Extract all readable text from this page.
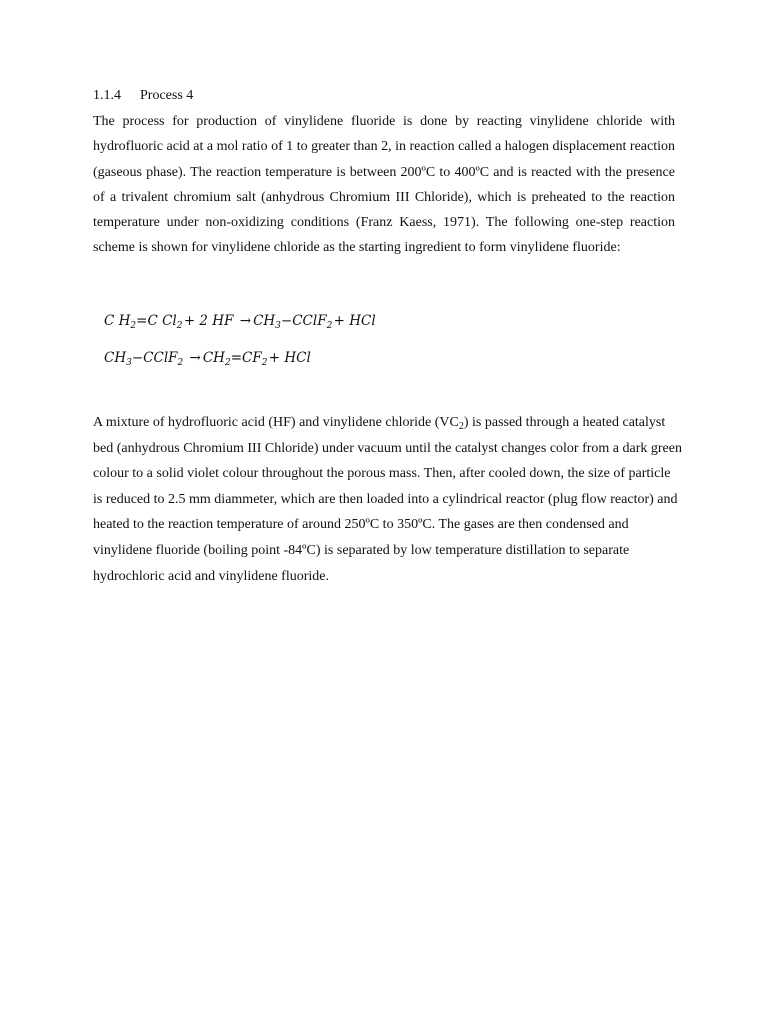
1.1.4 Process 4

The process for production of vinylidene fluoride is done by reacting vinylidene chloride with hydrofluoric acid at a mol ratio of 1 to greater than 2, in reaction called a halogen displacement reaction (gaseous phase). The reaction temperature is between 200ºC to 400ºC and is reacted with the presence of a trivalent chromium salt (anhydrous Chromium III Chloride), which is preheated to the reaction temperature under non-oxidizing conditions (Franz Kaess, 1971). The following one-step reaction scheme is shown for vinylidene chloride as the starting ingredient to form vinylidene fluoride:

C $H_2=C$ $Cl_2$ + 2 HF → $CH_3-CClF_2$ + HCl
$CH_3-CClF_2 \to CH_2=CF_2$ + HCl

A mixture of hydrofluoric acid (HF) and vinylidene chloride $(VC_2)$ is passed through a heated catalyst bed (anhydrous Chromium III Chloride) under vacuum until the catalyst changes color from a dark green colour to a solid violet colour throughout the porous mass. Then, after cooled down, the size of particle is reduced to 2.5 mm diammeter, which are then loaded into a cylindrical reactor (plug flow reactor) and heated to the reaction temperature of around 250ºC to 350ºC. The gases are then condensed and vinylidene fluoride (boiling point -84ºC) is separated by low temperature distillation to separate hydrochloric acid and vinylidene fluoride.
